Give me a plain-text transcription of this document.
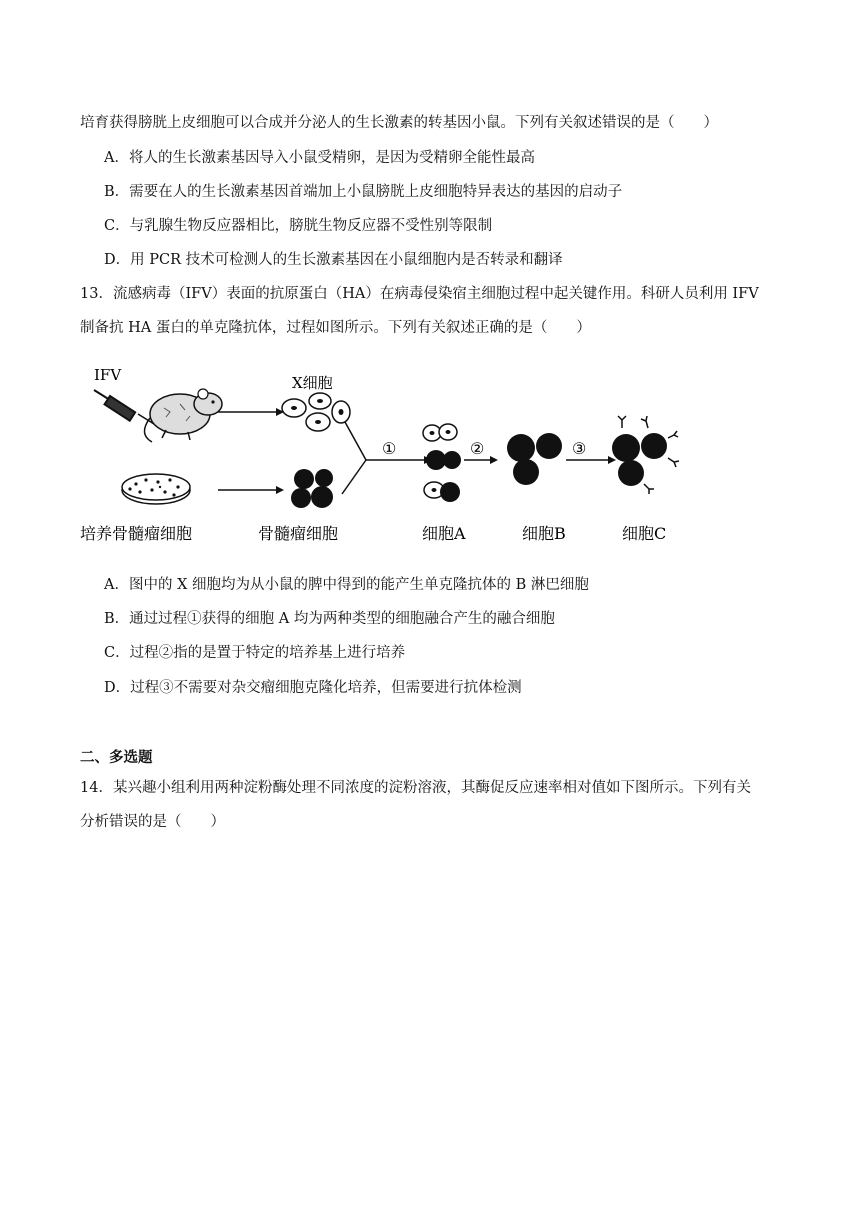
培育获得膀胱上皮细胞可以合成并分泌人的生长激素的转基因小鼠。下列有关叙述错误的是（　　）
A．将人的生长激素基因导入小鼠受精卵，是因为受精卵全能性最高
B．需要在人的生长激素基因首端加上小鼠膀胱上皮细胞特异表达的基因的启动子
C．与乳腺生物反应器相比，膀胱生物反应器不受性别等限制
D．用 PCR 技术可检测人的生长激素基因在小鼠细胞内是否转录和翻译
13．流感病毒（IFV）表面的抗原蛋白（HA）在病毒侵染宿主细胞过程中起关键作用。科研人员利用 IFV
制备抗 HA 蛋白的单克隆抗体，过程如图所示。下列有关叙述正确的是（　　）
IFV	X细胞
①	②	③
培养骨髓瘤细胞	骨髓瘤细胞	细胞A	细胞B	细胞C
A．图中的 X 细胞均为从小鼠的脾中得到的能产生单克隆抗体的 B 淋巴细胞
B．通过过程①获得的细胞 A 均为两种类型的细胞融合产生的融合细胞
C．过程②指的是置于特定的培养基上进行培养
D．过程③不需要对杂交瘤细胞克隆化培养，但需要进行抗体检测
二、多选题
14．某兴趣小组利用两种淀粉酶处理不同浓度的淀粉溶液，其酶促反应速率相对值如下图所示。下列有关
分析错误的是（　　）
